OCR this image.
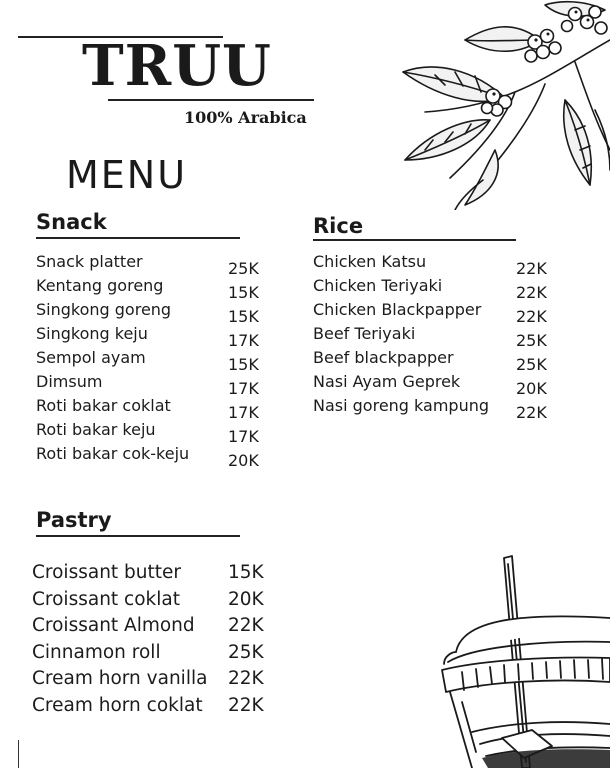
TRUU
100% Arabica
MENU
Snack
Snack platter	25K
Kentang goreng	15K
Singkong goreng	15K
Singkong keju	17K
Sempol ayam	15K
Dimsum	17K
Roti bakar coklat	17K
Roti bakar keju	17K
Roti bakar cok-keju 20K
Rice
Chicken Katsu	22K
Chicken Teriyaki	22K
Chicken Blackpapper 22K
Beef Teriyaki	25K
Beef blackpapper	25K
Nasi Ayam Geprek	20K
Nasi goreng kampung 22K
Pastry
Croissant butter	15K
Croissant coklat	20K
Croissant Almond 22K
Cinnamon roll	25K
Cream horn vanilla 22K
Cream horn coklat 22K
